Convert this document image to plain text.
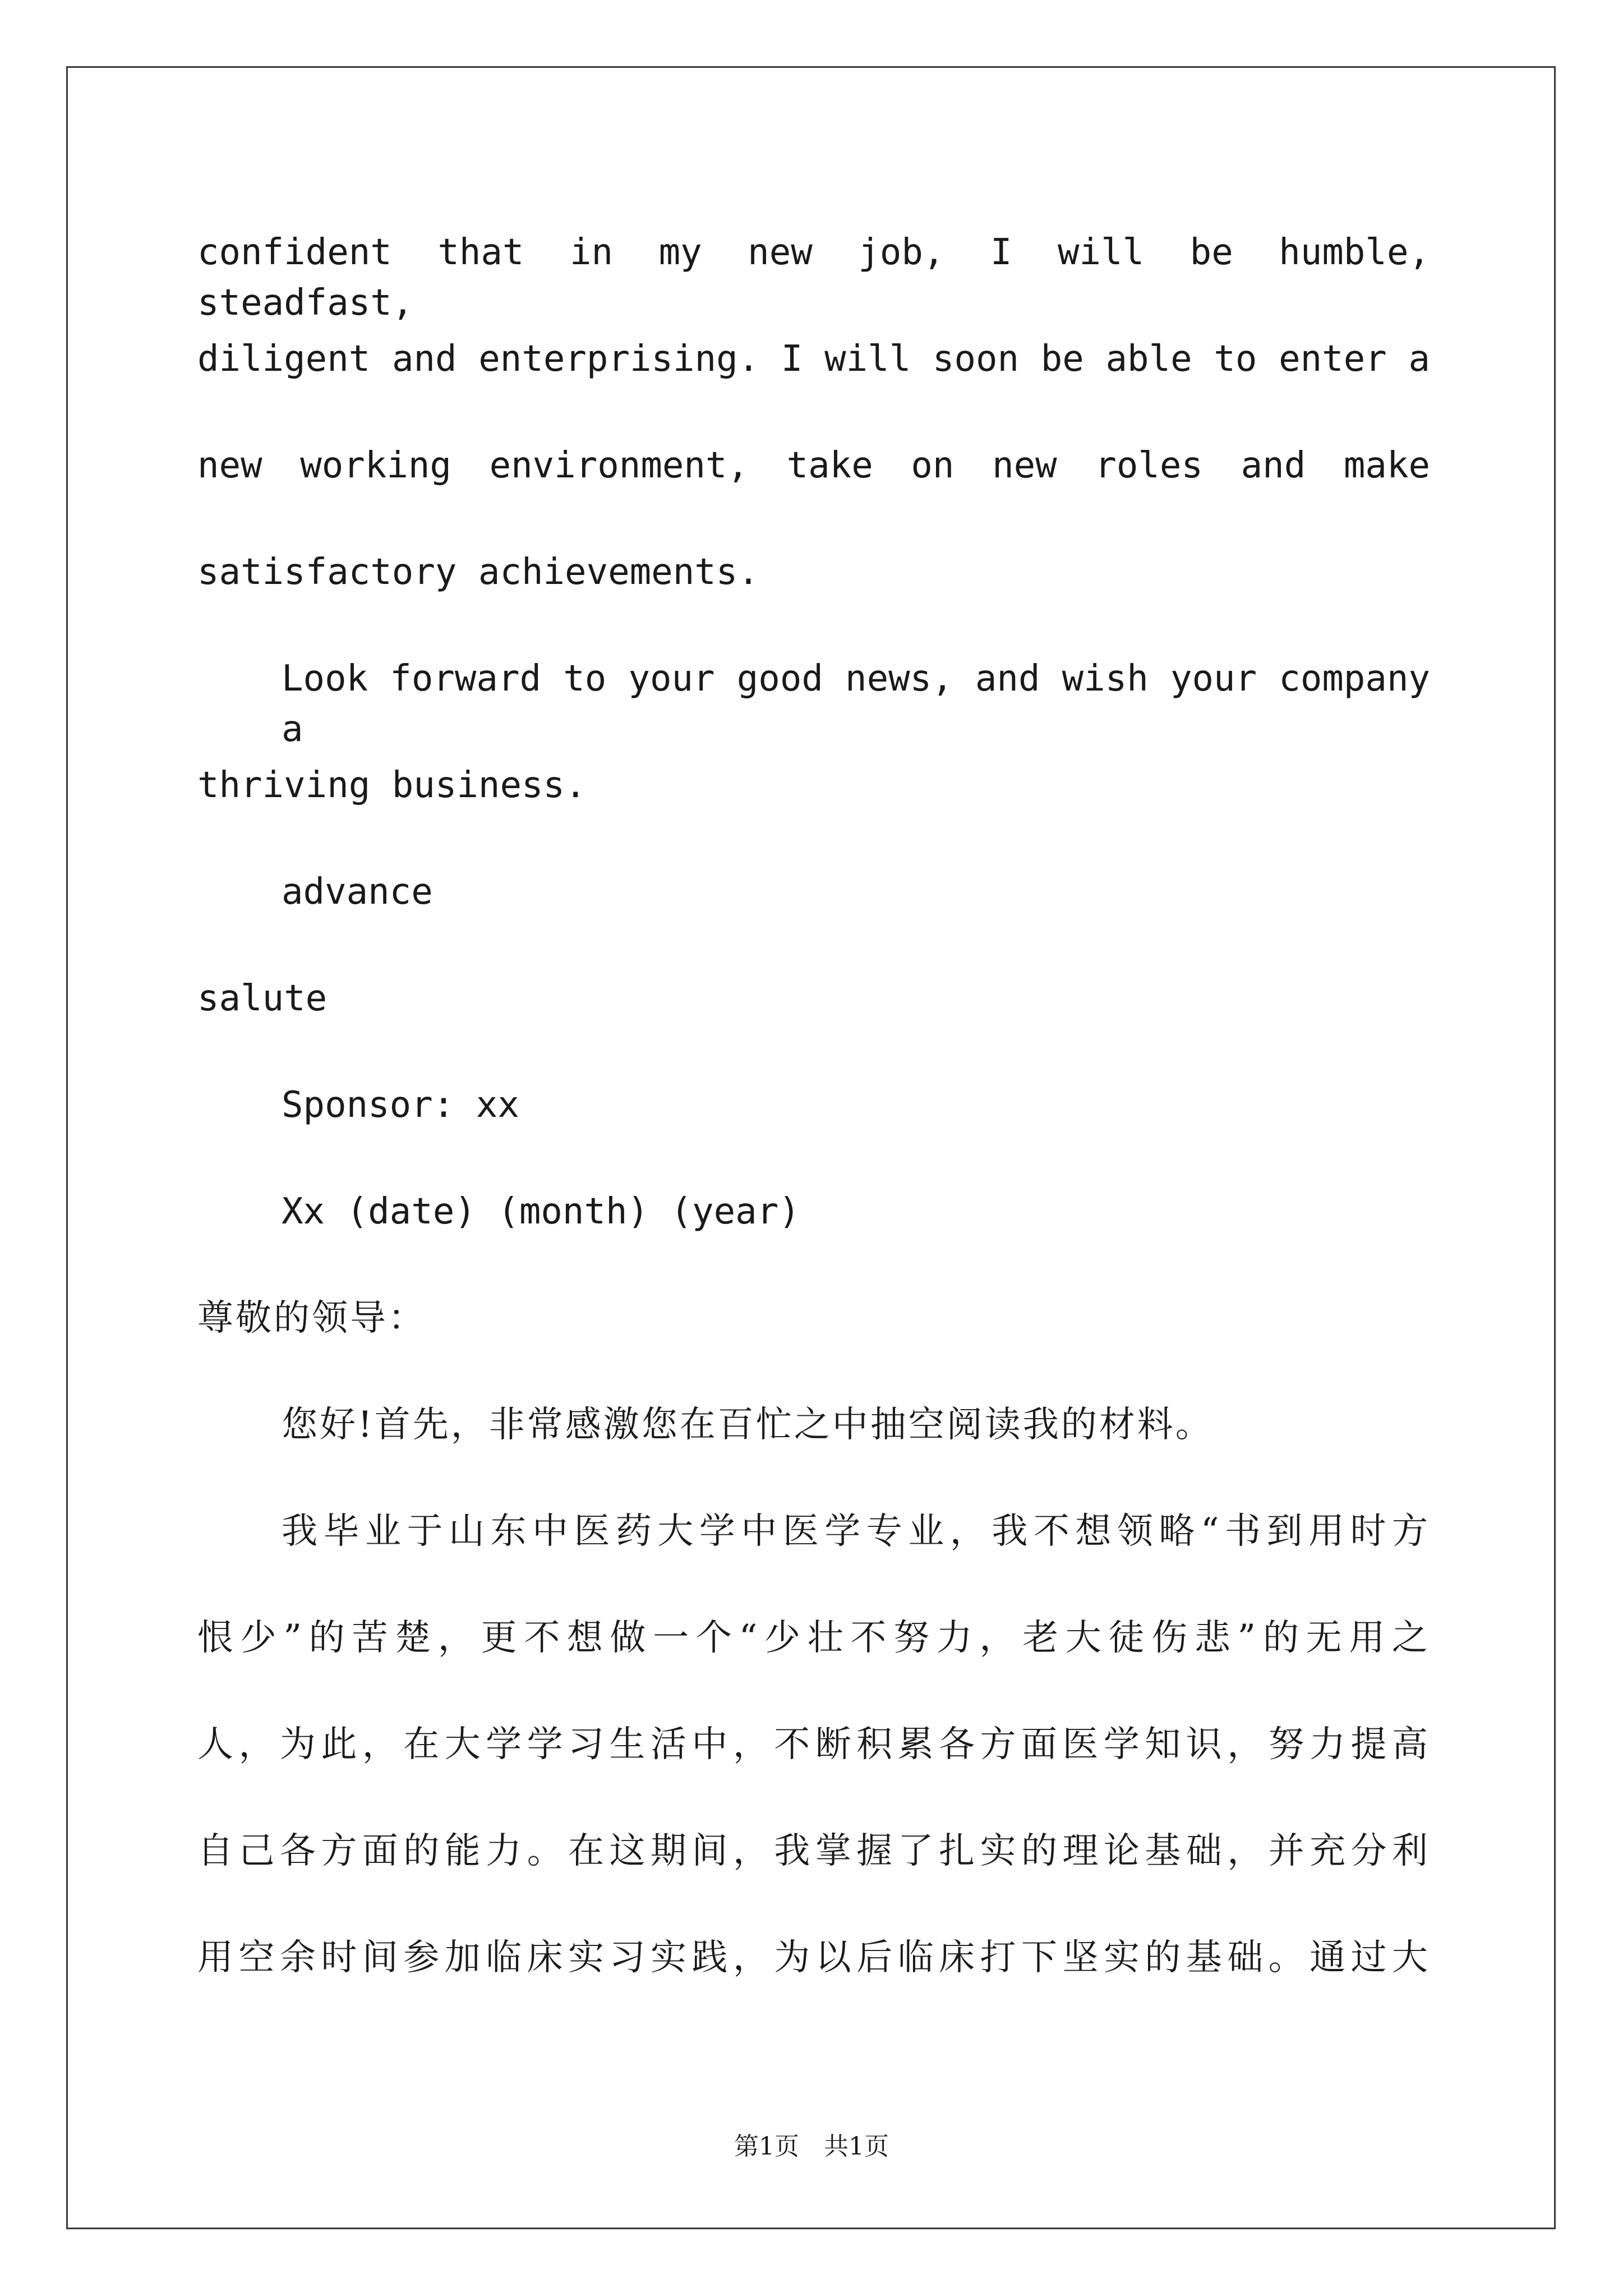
confident that in my new job, I will be humble, steadfast,

diligent and enterprising. I will soon be able to enter a

new working environment, take on new roles and make

satisfactory achievements.

Look forward to your good news, and wish your company a

thriving business.

advance

salute

Sponsor: xx

Xx (date) (month) (year)

尊敬的领导：

您好!首先，非常感激您在百忙之中抽空阅读我的材料。

我毕业于山东中医药大学中医学专业，我不想领略“书到用时方

恨少”的苦楚，更不想做一个“少壮不努力，老大徒伤悲”的无用之

人，为此，在大学学习生活中，不断积累各方面医学知识，努力提高

自己各方面的能力。在这期间，我掌握了扎实的理论基础，并充分利

用空余时间参加临床实习实践，为以后临床打下坚实的基础。通过大

第1页 共1页
